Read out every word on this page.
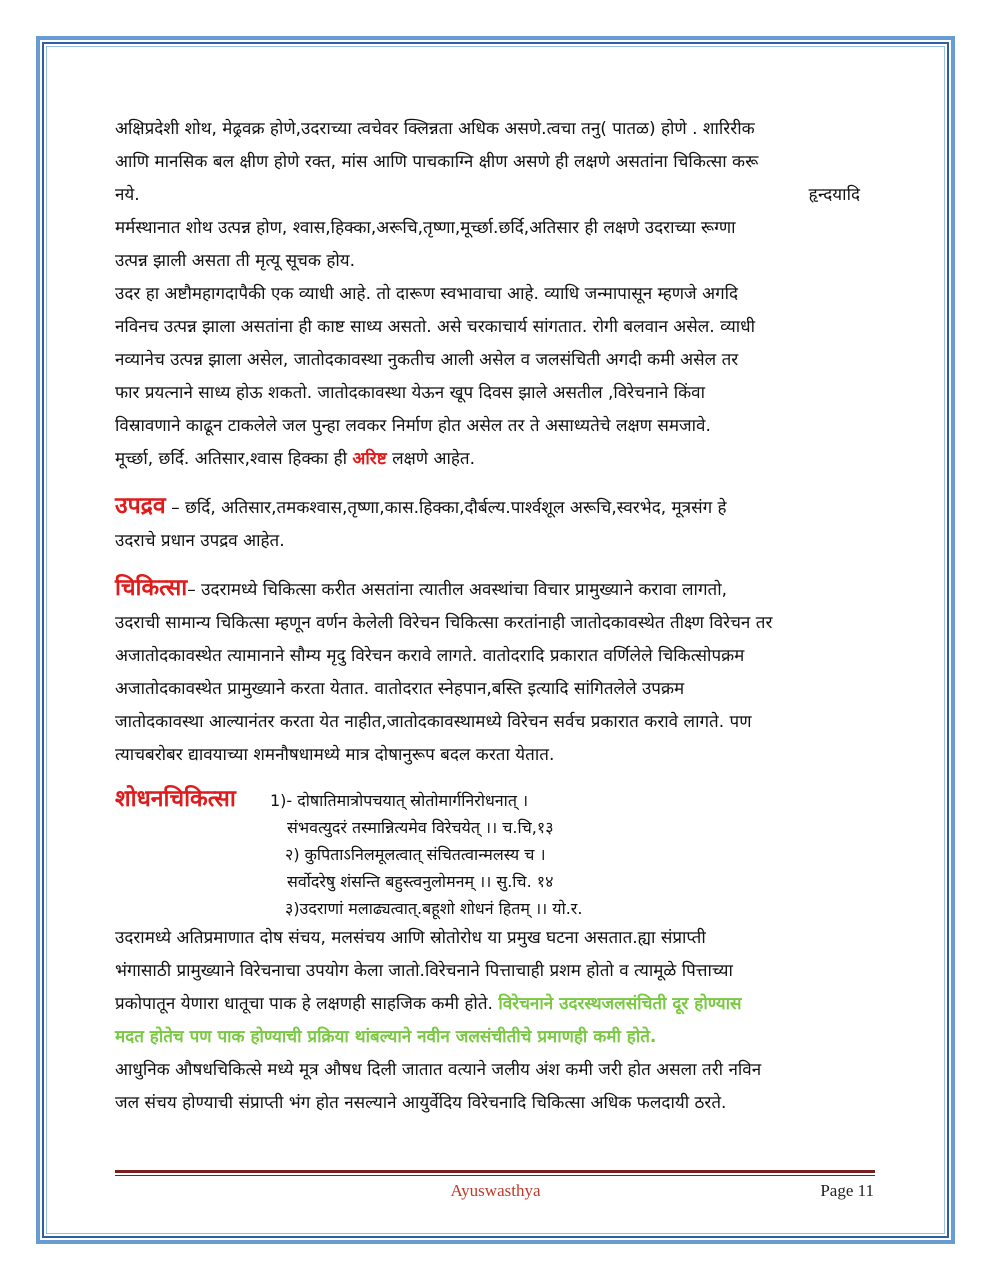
अक्षिप्रदेशी शोथ, मेढ्रवक्र होणे,उदराच्या त्वचेवर क्लिन्नता अधिक असणे.त्वचा तनु( पातळ) होणे . शारिरीक

आणि मानसिक बल क्षीण होणे रक्त, मांस आणि पाचकाग्नि क्षीण असणे ही लक्षणे असतांना चिकित्सा करू

नये.	हृन्दयादि

मर्मस्थानात शोथ उत्पन्न होण, श्वास,हिक्का,अरूचि,तृष्णा,मूर्च्छा.छर्दि,अतिसार ही लक्षणे उदराच्या रूग्णा

उत्पन्न झाली असता ती मृत्यू सूचक होय.

उदर हा अष्टौमहागदापैकी एक व्याधी आहे. तो दारूण स्वभावाचा आहे. व्याधि जन्मापासून म्हणजे अगदि

नविनच उत्पन्न झाला असतांना ही काष्ट साध्य असतो. असे चरकाचार्य सांगतात. रोगी बलवान असेल. व्याधी

नव्यानेच उत्पन्न झाला असेल, जातोदकावस्था नुकतीच आली असेल व जलसंचिती अगदी कमी असेल तर

फार प्रयत्नाने साध्य होऊ शकतो. जातोदकावस्था येऊन खूप दिवस झाले असतील ,विरेचनाने किंवा

विस्रावणाने काढून टाकलेले जल पुन्हा लवकर निर्माण होत असेल तर ते असाध्यतेचे लक्षण समजावे.

मूर्च्छा, छर्दि. अतिसार,श्वास हिक्का ही अरिष्ट लक्षणे आहेत.

उपद्रव – छर्दि, अतिसार,तमकश्वास,तृष्णा,कास.हिक्का,दौर्बल्य.पार्श्वशूल अरूचि,स्वरभेद, मूत्रसंग हे

उदराचे प्रधान उपद्रव आहेत.

चिकित्सा– उदरामध्ये चिकित्सा करीत असतांना त्यातील अवस्थांचा विचार प्रामुख्याने करावा लागतो,

उदराची सामान्य चिकित्सा म्हणून वर्णन केलेली विरेचन चिकित्सा करतांनाही जातोदकावस्थेत तीक्ष्ण विरेचन तर

अजातोदकावस्थेत त्यामानाने सौम्य मृदु विरेचन करावे लागते. वातोदरादि प्रकारात वर्णिलेले चिकित्सोपक्रम

अजातोदकावस्थेत प्रामुख्याने करता येतात. वातोदरात स्नेहपान,बस्ति इत्यादि सांगितलेले उपक्रम

जातोदकावस्था आल्यानंतर करता येत नाहीत,जातोदकावस्थामध्ये विरेचन सर्वच प्रकारात करावे लागते. पण

त्याचबरोबर द्यावयाच्या शमनौषधामध्ये मात्र दोषानुरूप बदल करता येतात.

शोधनचिकित्सा	1)- दोषातिमात्रोपचयात् स्रोतोमार्गनिरोधनात् ।
संभवत्युदरं तस्मान्नित्यमेव विरेचयेत् ।। च.चि,१३
२) कुपिताऽनिलमूलत्वात् संचितत्वान्मलस्य च ।
सर्वोदरेषु शंसन्ति बहुस्त्वनुलोमनम् ।। सु.चि. १४
३)उदराणां मलाढ्यत्वात्.बहूशो शोधनं हितम् ।। यो.र.

उदरामध्ये अतिप्रमाणात दोष संचय, मलसंचय आणि स्रोतोरोध या प्रमुख घटना असतात.ह्या संप्राप्ती

भंगासाठी प्रामुख्याने विरेचनाचा उपयोग केला जातो.विरेचनाने पित्ताचाही प्रशम होतो व त्यामूळे पित्ताच्या

प्रकोपातून येणारा धातूचा पाक हे लक्षणही साहजिक कमी होते. विरेचनाने उदरस्थजलसंचिती दूर होण्यास

मदत होतेच पण पाक होण्याची प्रक्रिया थांबल्याने नवीन जलसंचीतीचे प्रमाणही कमी होते.

आधुनिक औषधचिकित्से मध्ये मूत्र औषध दिली जातात वत्याने जलीय अंश कमी जरी होत असला तरी नविन

जल संचय होण्याची संप्राप्ती भंग होत नसल्याने आयुर्वेदिय विरेचनादि चिकित्सा अधिक फलदायी ठरते.

Ayuswasthya	Page 11
